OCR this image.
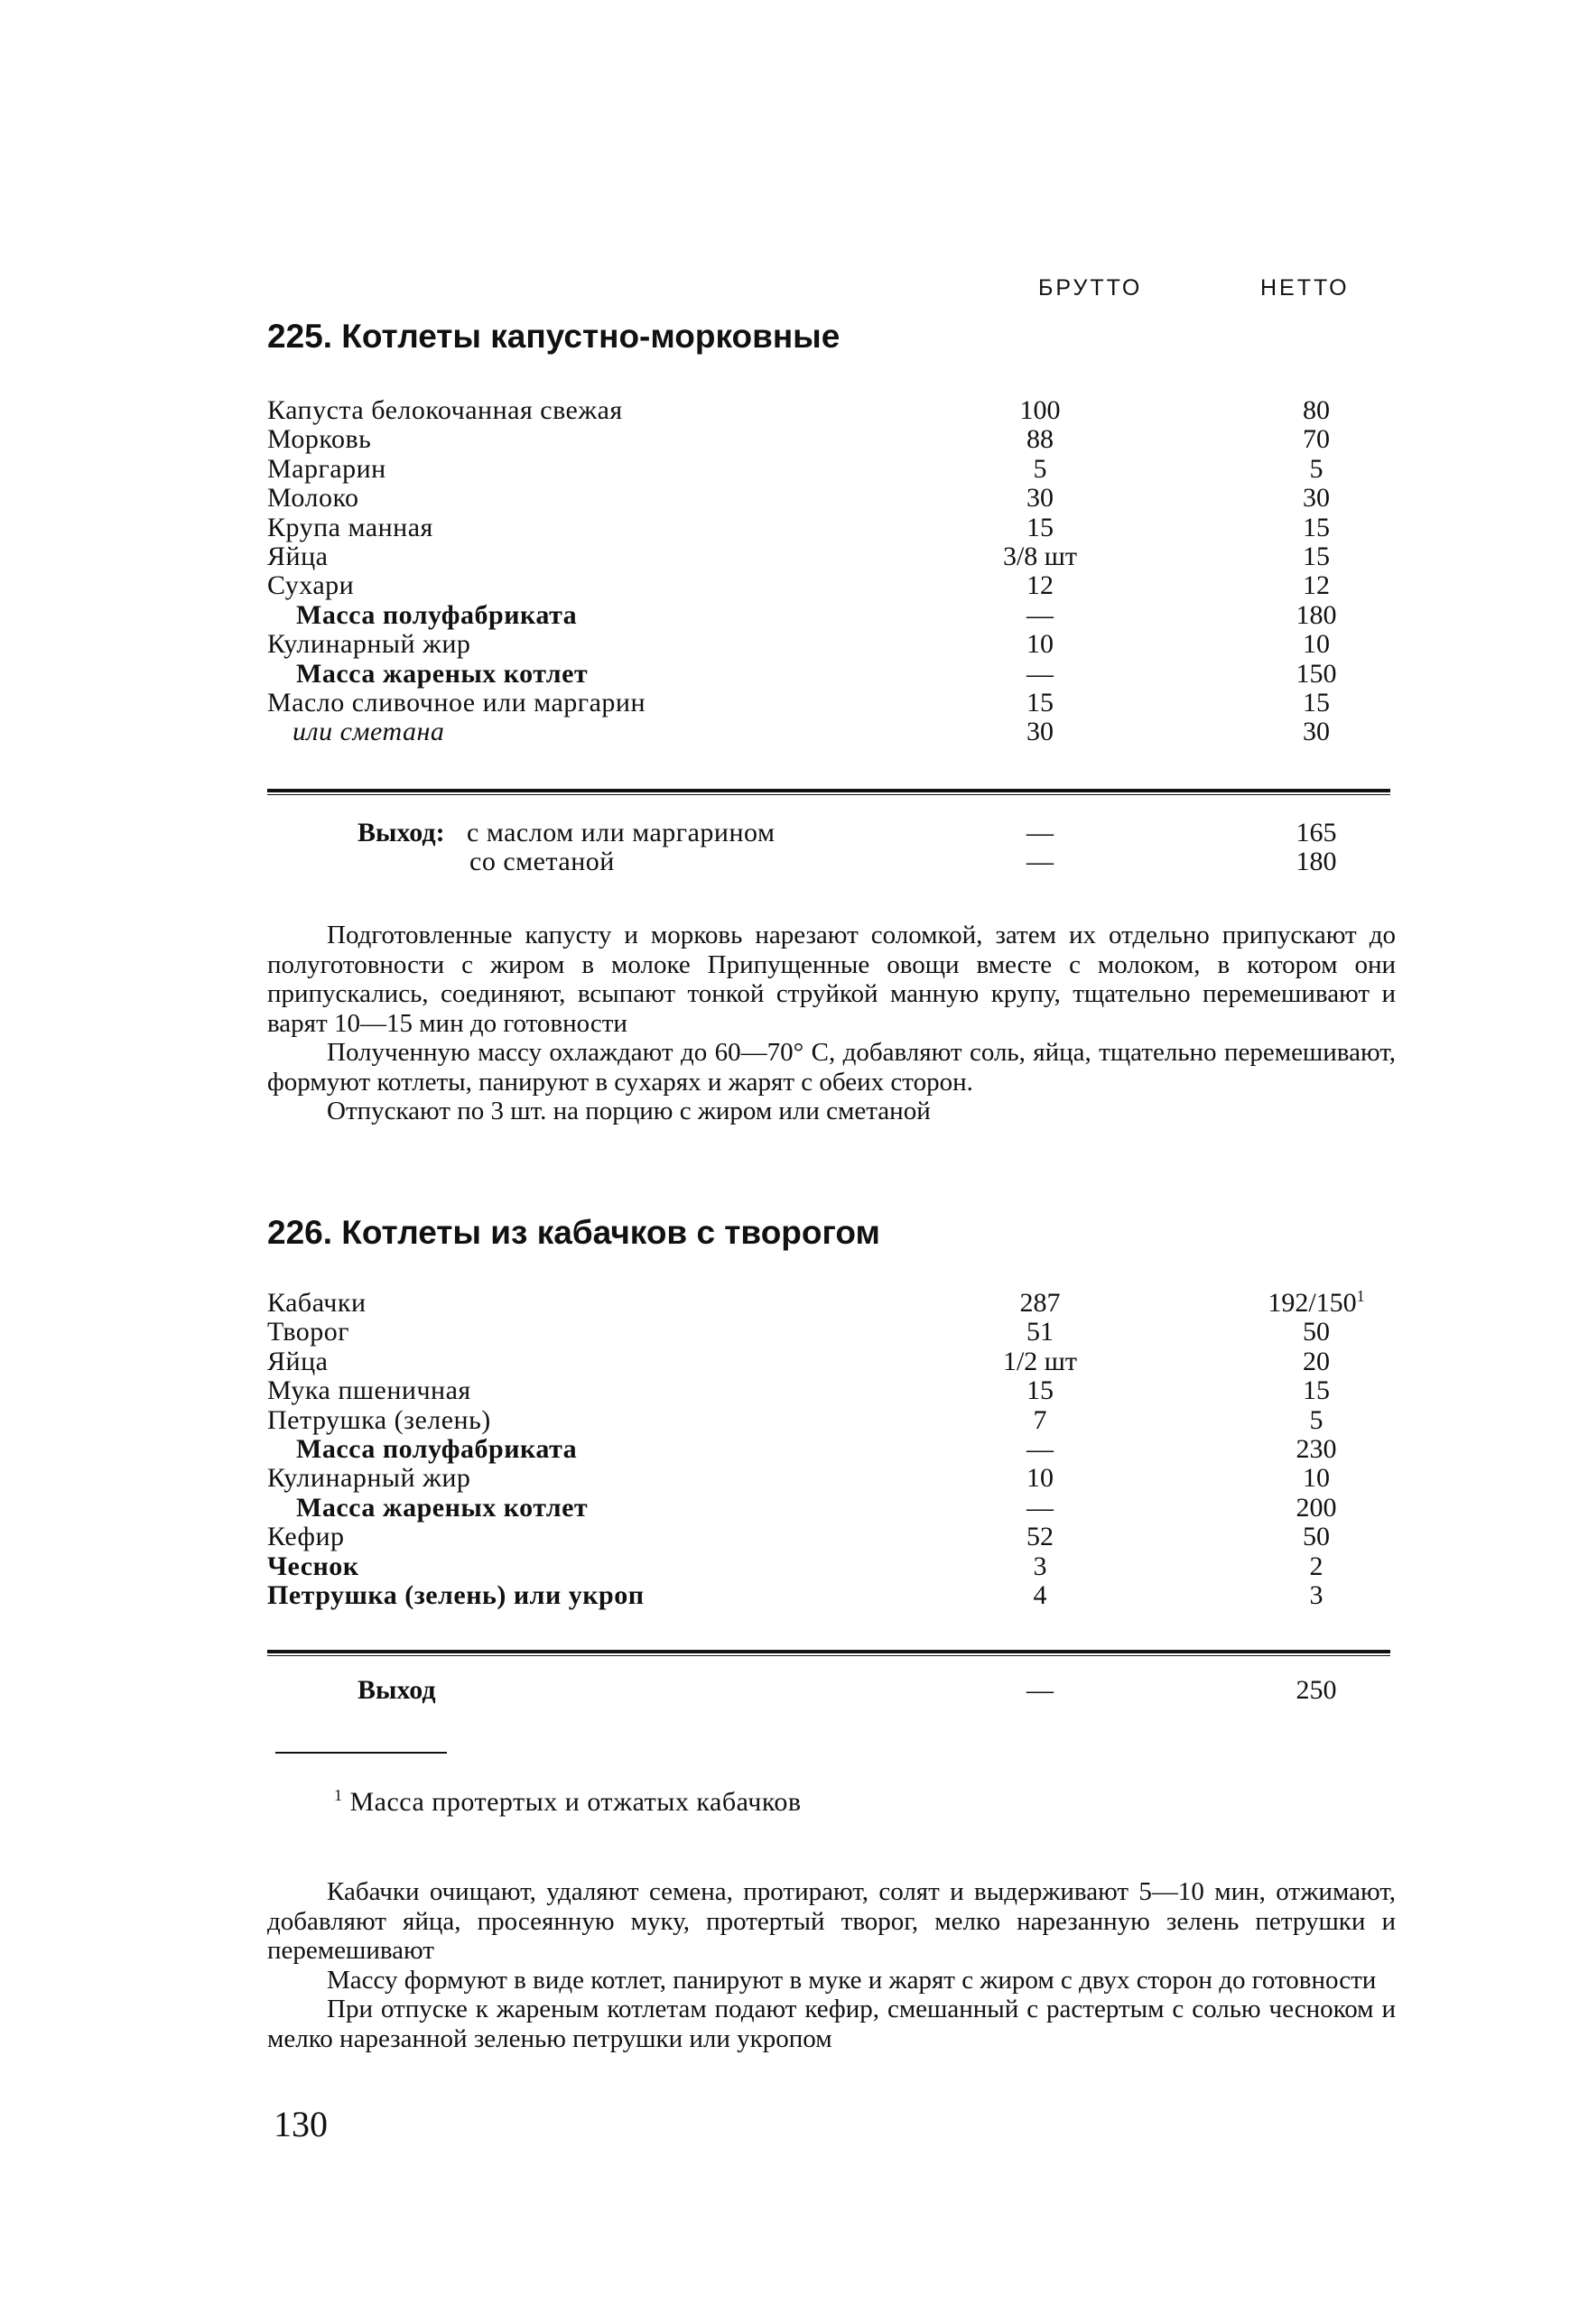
БРУТТО	НЕТТО
225. Котлеты капустно-морковные
Капуста белокочанная свежая	100	80
Морковь	88	70
Маргарин	5	5
Молоко	30	30
Крупа манная	15	15
Яйца	3/8 шт	15
Сухари	12	12
Масса полуфабриката	—	180
Кулинарный жир	10	10
Масса жареных котлет	—	150
Масло сливочное или маргарин	15	15
или сметана	30	30
Выход: с маслом или маргарином	—	165
со сметаной	—	180

Подготовленные капусту и морковь нарезают соломкой, затем их отдельно припускают до полуготовности с жиром в молоке Припущенные овощи вместе с молоком, в котором они припускались, соединяют, всыпают тонкой струйкой манную крупу, тщательно перемешивают и варят 10—15 мин до готовности

Полученную массу охлаждают до 60—70° С, добавляют соль, яйца, тщательно перемешивают, формуют котлеты, панируют в сухарях и жарят с обеих сторон.

Отпускают по 3 шт. на порцию с жиром или сметаной

226. Котлеты из кабачков с творогом
Кабачки	287	$192/150^1$
Творог	51	50
Яйца	1/2 шт	20
Мука пшеничная	15	15
Петрушка (зелень)	7	5
Масса полуфабриката	—	230
Кулинарный жир	10	10
Масса жареных котлет	—	200
Кефир	52	50
Чеснок	3	2
Петрушка (зелень) или укроп	4	3
Выход	—	250
$^1$ Масса протертых и отжатых кабачков

Кабачки очищают, удаляют семена, протирают, солят и выдерживают 5—10 мин, отжимают, добавляют яйца, просеянную муку, протертый творог, мелко нарезанную зелень петрушки и перемешивают

Массу формуют в виде котлет, панируют в муке и жарят с жиром с двух сторон до готовности

При отпуске к жареным котлетам подают кефир, смешанный с растертым с солью чесноком и мелко нарезанной зеленью петрушки или укропом

130
